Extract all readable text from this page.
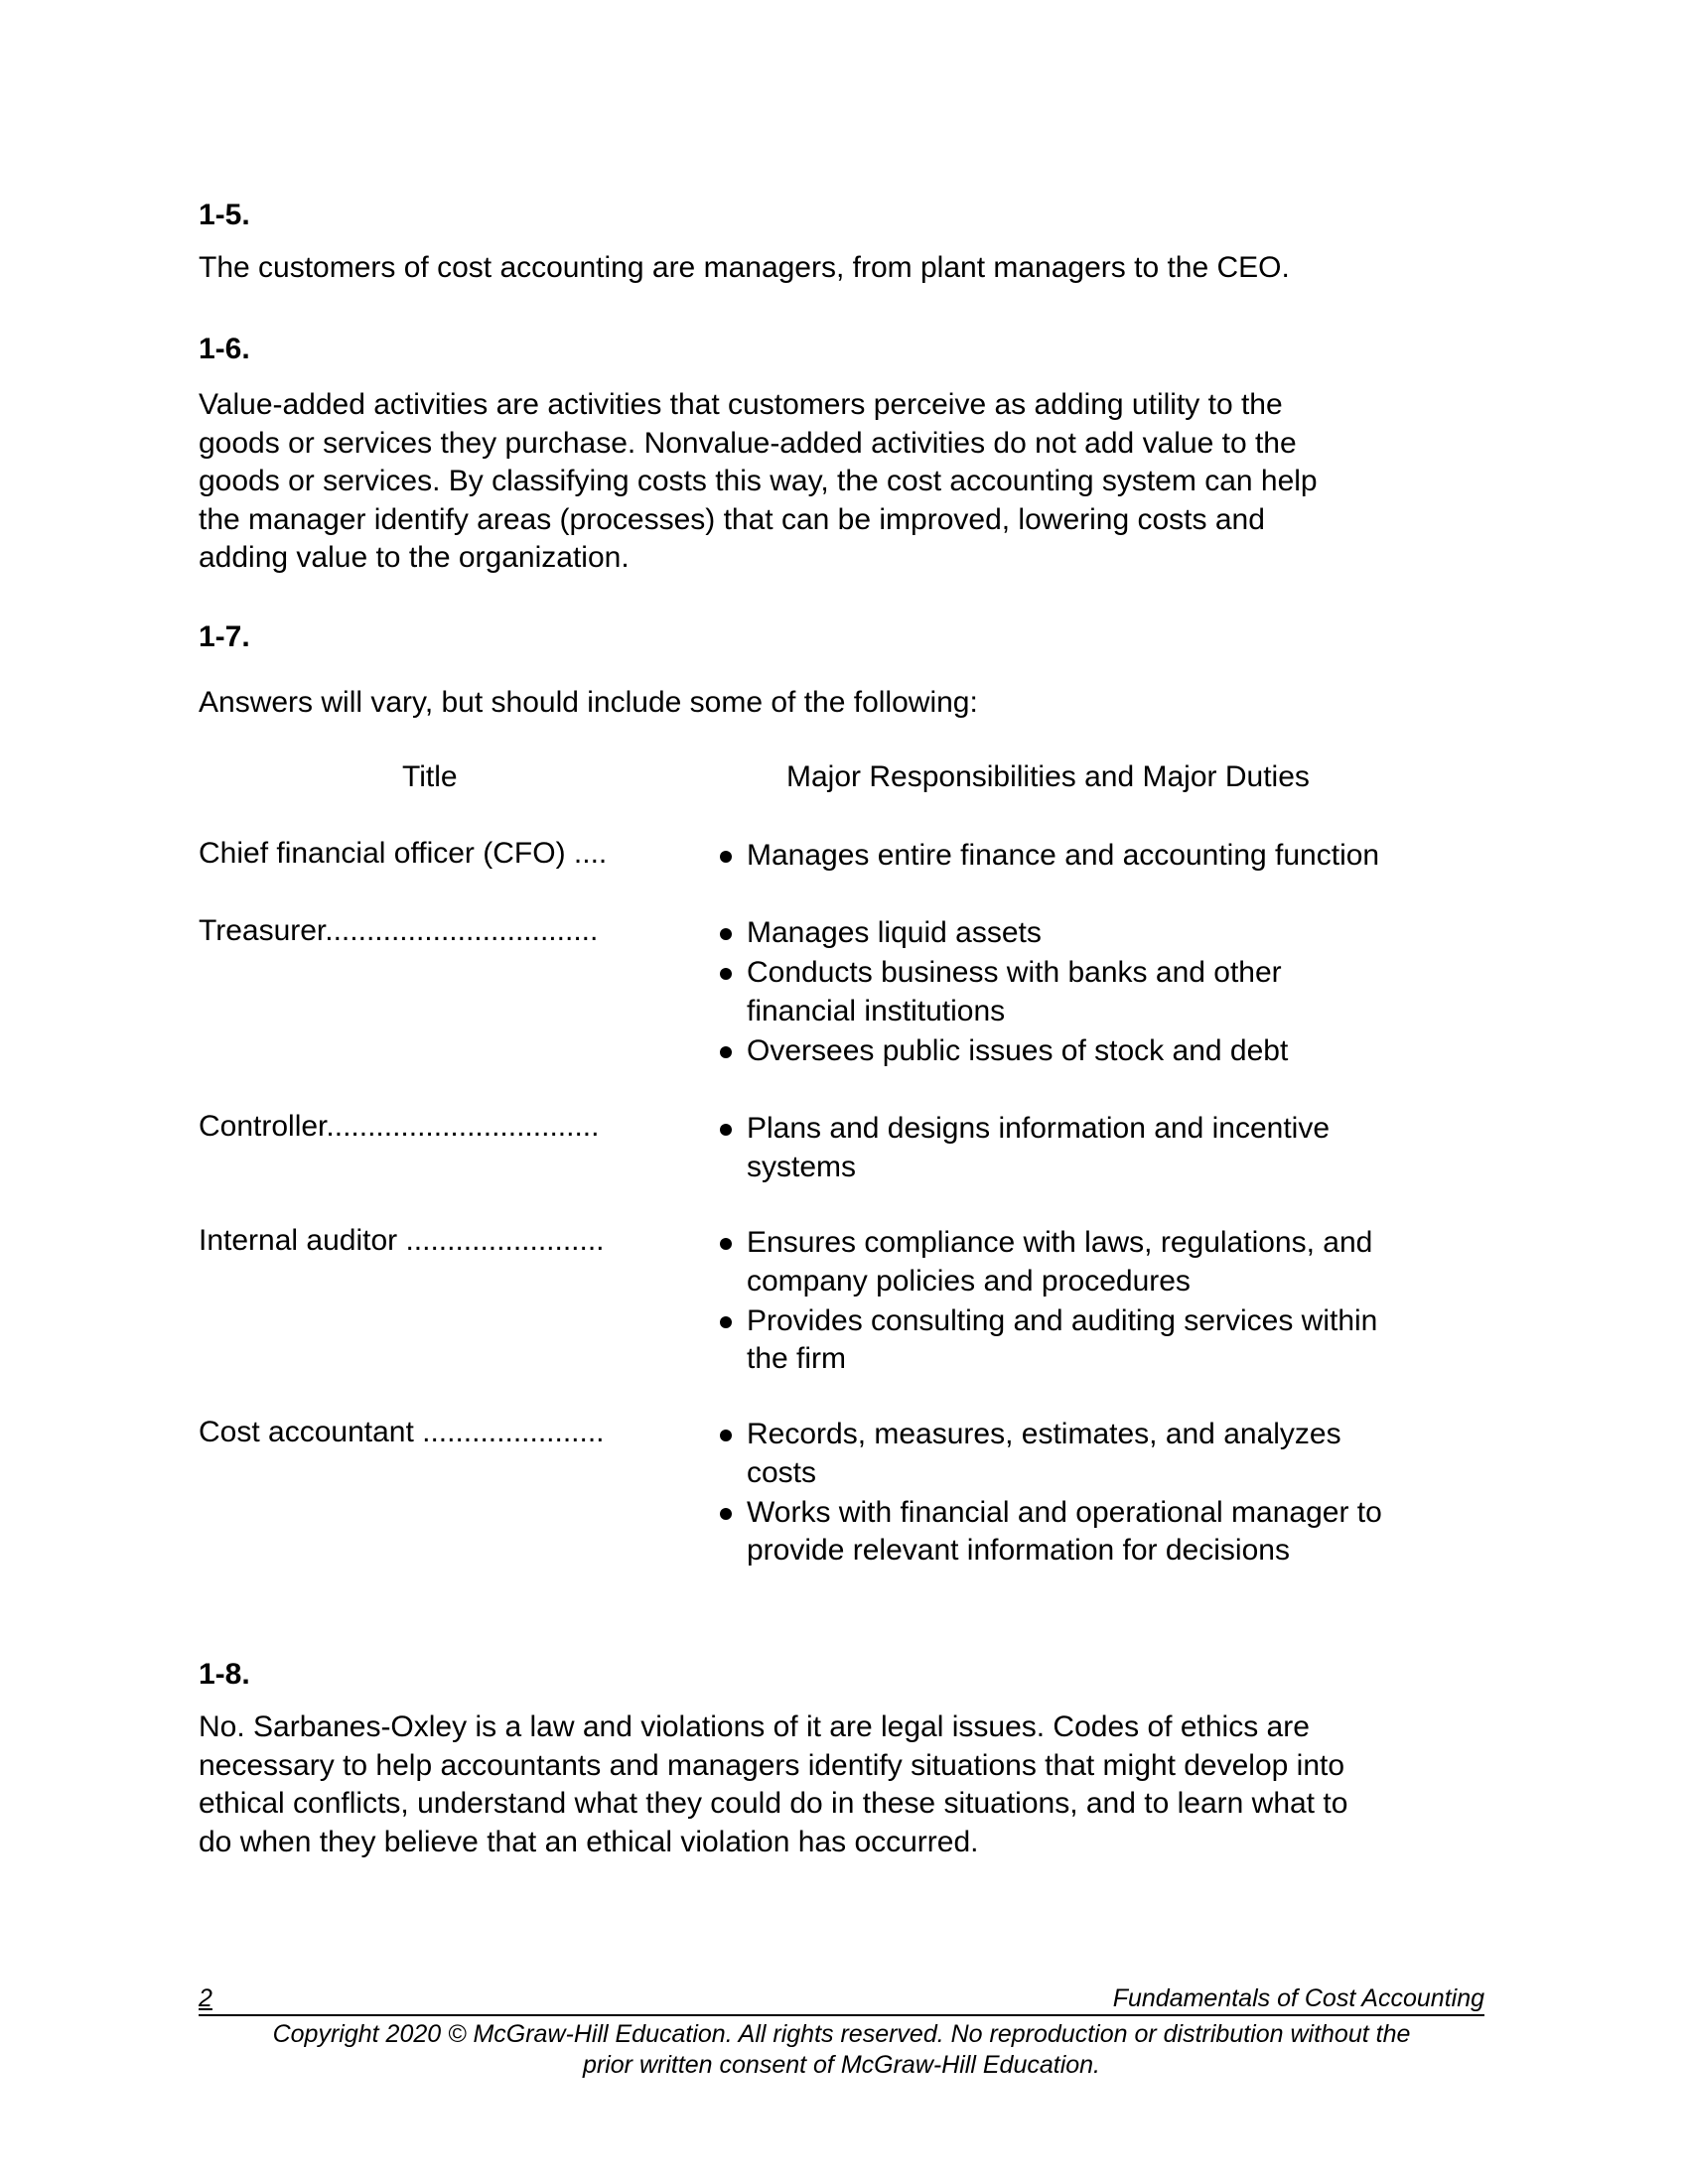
1-5.
The customers of cost accounting are managers, from plant managers to the CEO.
1-6.
Value-added activities are activities that customers perceive as adding utility to the
goods or services they purchase. Nonvalue-added activities do not add value to the
goods or services. By classifying costs this way, the cost accounting system can help
the manager identify areas (processes) that can be improved, lowering costs and
adding value to the organization.
1-7.
Answers will vary, but should include some of the following:
Title	Major Responsibilities and Major Duties
Chief financial officer (CFO) ....	Manages entire finance and accounting function
Treasurer.................................	Manages liquid assets
Conducts business with banks and other
financial institutions
Oversees public issues of stock and debt
Controller.................................	Plans and designs information and incentive
systems
Internal auditor ........................	Ensures compliance with laws, regulations, and
company policies and procedures
Provides consulting and auditing services within
the firm
Cost accountant ......................	Records, measures, estimates, and analyzes
costs
Works with financial and operational manager to
provide relevant information for decisions
1-8.
No. Sarbanes-Oxley is a law and violations of it are legal issues. Codes of ethics are
necessary to help accountants and managers identify situations that might develop into
ethical conflicts, understand what they could do in these situations, and to learn what to
do when they believe that an ethical violation has occurred.
2	Fundamentals of Cost Accounting
Copyright 2020 © McGraw-Hill Education. All rights reserved. No reproduction or distribution without the
prior written consent of McGraw-Hill Education.
